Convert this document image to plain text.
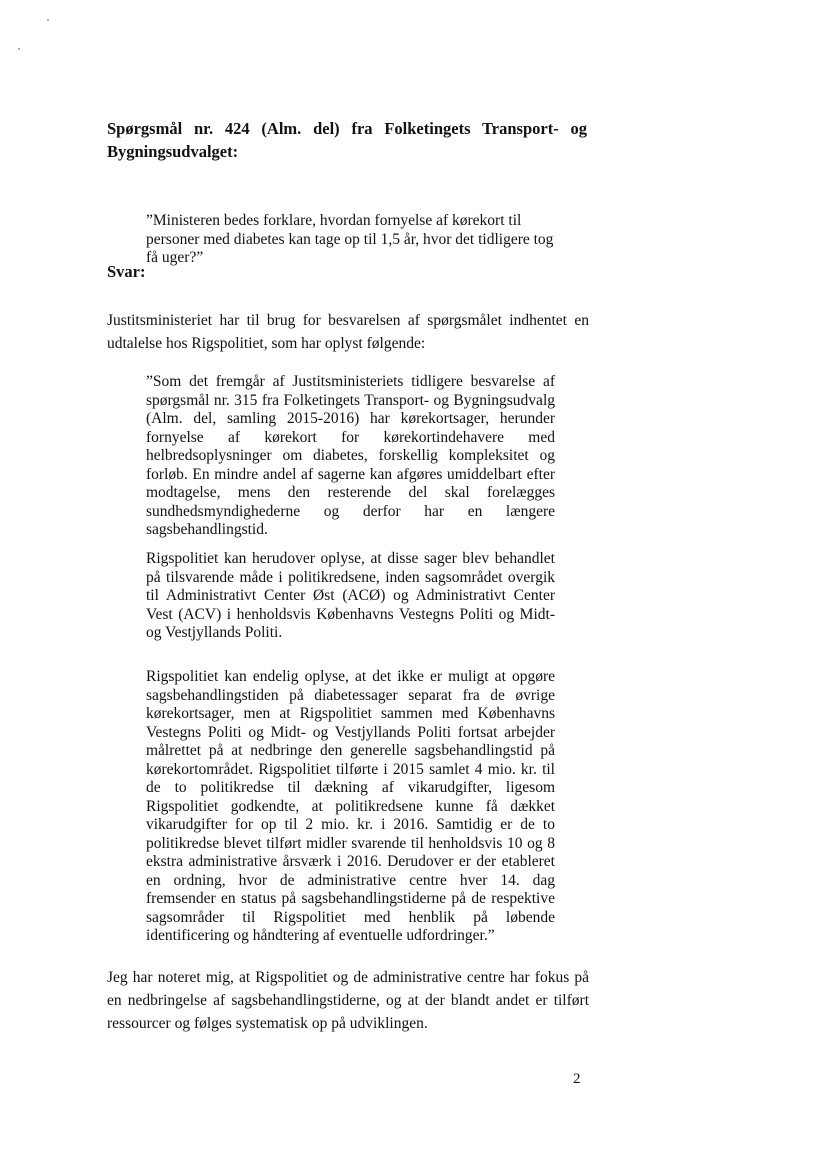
Spørgsmål nr. 424 (Alm. del) fra Folketingets Transport- og Bygningsudvalget:
”Ministeren bedes forklare, hvordan fornyelse af kørekort til personer med diabetes kan tage op til 1,5 år, hvor det tidligere tog få uger?”
Svar:
Justitsministeriet har til brug for besvarelsen af spørgsmålet indhentet en udtalelse hos Rigspolitiet, som har oplyst følgende:
”Som det fremgår af Justitsministeriets tidligere besvarelse af spørgsmål nr. 315 fra Folketingets Transport- og Bygningsudvalg (Alm. del, samling 2015-2016) har kørekortsager, herunder fornyelse af kørekort for kørekortindehavere med helbredsoplysninger om diabetes, forskellig kompleksitet og forløb. En mindre andel af sagerne kan afgøres umiddelbart efter modtagelse, mens den resterende del skal forelægges sundhedsmyndighederne og derfor har en længere sagsbehandlingstid.
Rigspolitiet kan herudover oplyse, at disse sager blev behandlet på tilsvarende måde i politikredsene, inden sagsområdet overgik til Administrativt Center Øst (ACØ) og Administrativt Center Vest (ACV) i henholdsvis Københavns Vestegns Politi og Midt- og Vestjyllands Politi.
Rigspolitiet kan endelig oplyse, at det ikke er muligt at opgøre sagsbehandlingstiden på diabetessager separat fra de øvrige kørekortsager, men at Rigspolitiet sammen med Københavns Vestegns Politi og Midt- og Vestjyllands Politi fortsat arbejder målrettet på at nedbringe den generelle sagsbehandlingstid på kørekortområdet. Rigspolitiet tilførte i 2015 samlet 4 mio. kr. til de to politikredse til dækning af vikarudgifter, ligesom Rigspolitiet godkendte, at politikredsene kunne få dækket vikarudgifter for op til 2 mio. kr. i 2016. Samtidig er de to politikredse blevet tilført midler svarende til henholdsvis 10 og 8 ekstra administrative årsværk i 2016. Derudover er der etableret en ordning, hvor de administrative centre hver 14. dag fremsender en status på sagsbehandlingstiderne på de respektive sagsområder til Rigspolitiet med henblik på løbende identificering og håndtering af eventuelle udfordringer.”
Jeg har noteret mig, at Rigspolitiet og de administrative centre har fokus på en nedbringelse af sagsbehandlingstiderne, og at der blandt andet er tilført ressourcer og følges systematisk op på udviklingen.
2
